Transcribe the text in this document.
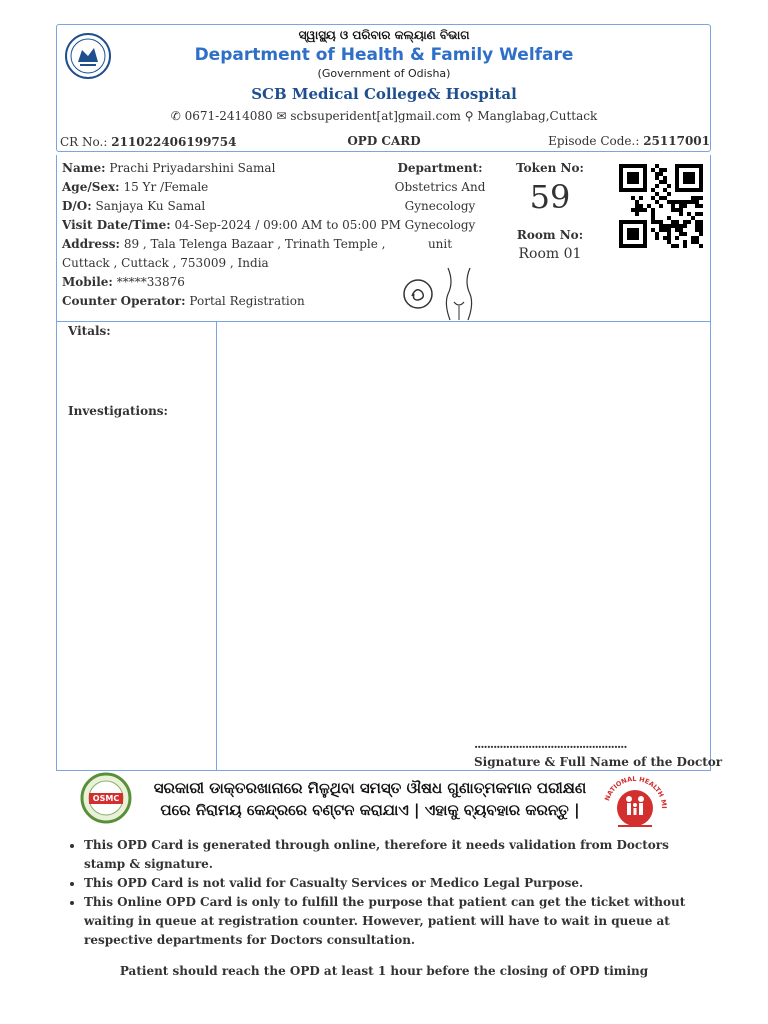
ସ୍ୱାସ୍ଥ୍ୟ ଓ ପରିବାର କଲ୍ୟାଣ ବିଭାଗ
Department of Health & Family Welfare
(Government of Odisha)
SCB Medical College& Hospital
✆ 0671-2414080 ✉ scbsuperident[at]gmail.com ⚲ Manglabag,Cuttack
CR No.: 211022406199754	OPD CARD	Episode Code.: 25117001
Name: Prachi Priyadarshini Samal
Age/Sex: 15 Yr /Female
D/O: Sanjaya Ku Samal
Visit Date/Time: 04-Sep-2024 / 09:00 AM to 05:00 PM
Address: 89 , Tala Telenga Bazaar , Trinath Temple ,
Cuttack , Cuttack , 753009 , India
Mobile: *****33876
Counter Operator: Portal Registration
Department:
Obstetrics And
Gynecology
Gynecology
unit
Token No:
59
Room No:
Room 01
Vitals:
Investigations:
................................................
Signature & Full Name of the Doctor
OSMC
ସରକାରୀ ଡାକ୍ତରଖାନାରେ ମିଳୁଥିବା ସମସ୍ତ ଔଷଧ ଗୁଣାତ୍ମକମାନ ପରୀକ୍ଷଣ
ପରେ ନିରାମୟ କେନ୍ଦ୍ରରେ ବଣ୍ଟନ କରାଯାଏ | ଏହାକୁ ବ୍ୟବହାର କରନ୍ତୁ |
NATIONAL HEALTH MI
• This OPD Card is generated through online, therefore it needs validation from Doctors stamp & signature.
• This OPD Card is not valid for Casualty Services or Medico Legal Purpose.
• This Online OPD Card is only to fulfill the purpose that patient can get the ticket without waiting in queue at registration counter. However, patient will have to wait in queue at respective departments for Doctors consultation.
Patient should reach the OPD at least 1 hour before the closing of OPD timing
